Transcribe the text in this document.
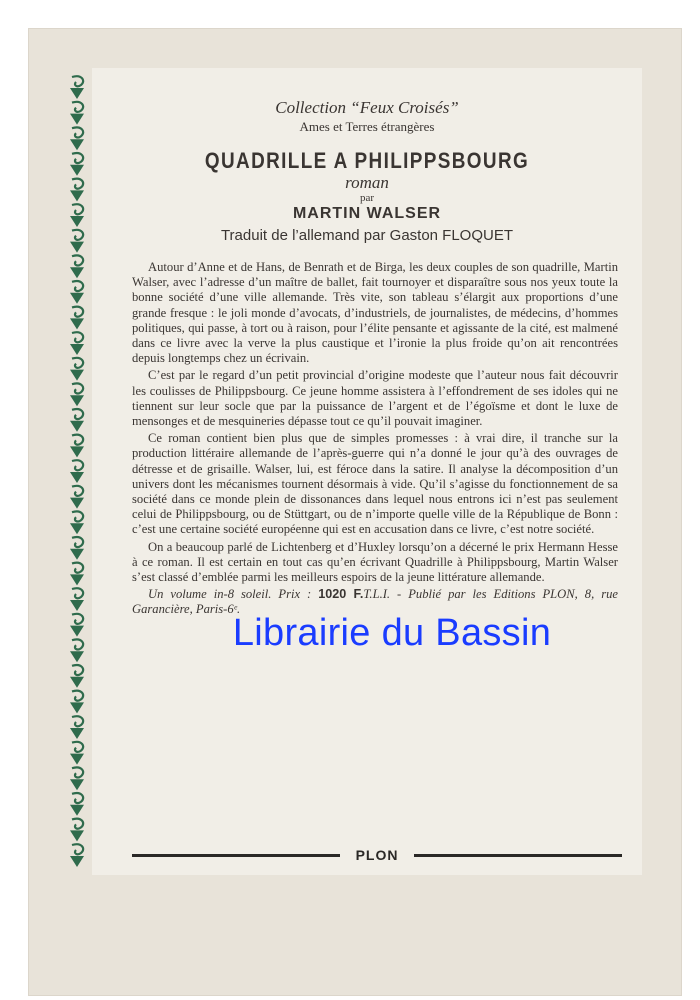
Collection “Feux Croisés”
Ames et Terres étrangères
QUADRILLE A PHILIPPSBOURG
roman
par
MARTIN WALSER
Traduit de l’allemand par Gaston FLOQUET

Autour d’Anne et de Hans, de Benrath et de Birga, les deux couples de son quadrille, Martin Walser, avec l’adresse d’un maître de ballet, fait tournoyer et disparaître sous nos yeux toute la bonne société d’une ville allemande. Très vite, son tableau s’élargit aux proportions d’une grande fresque : le joli monde d’avocats, d’industriels, de journalistes, de médecins, d’hommes politiques, qui passe, à tort ou à raison, pour l’élite pensante et agissante de la cité, est malmené dans ce livre avec la verve la plus caustique et l’ironie la plus froide qu’on ait rencontrées depuis longtemps chez un écrivain.

C’est par le regard d’un petit provincial d’origine modeste que l’auteur nous fait découvrir les coulisses de Philippsbourg. Ce jeune homme assistera à l’effondrement de ses idoles qui ne tiennent sur leur socle que par la puissance de l’argent et de l’égoïsme et dont le luxe de mensonges et de mesquineries dépasse tout ce qu’il pouvait imaginer.

Ce roman contient bien plus que de simples promesses : à vrai dire, il tranche sur la production littéraire allemande de l’après-guerre qui n’a donné le jour qu’à des ouvrages de détresse et de grisaille. Walser, lui, est féroce dans la satire. Il analyse la décomposition d’un univers dont les mécanismes tournent désormais à vide. Qu’il s’agisse du fonctionnement de sa société dans ce monde plein de dissonances dans lequel nous entrons ici n’est pas seulement celui de Philippsbourg, ou de Stüttgart, ou de n’importe quelle ville de la République de Bonn : c’est une certaine société européenne qui est en accusation dans ce livre, c’est notre société.

On a beaucoup parlé de Lichtenberg et d’Huxley lorsqu’on a décerné le prix Hermann Hesse à ce roman. Il est certain en tout cas qu’en écrivant Quadrille à Philippsbourg, Martin Walser s’est classé d’emblée parmi les meilleurs espoirs de la jeune littérature allemande.

Un volume in-8 soleil. Prix : 1020 F.T.L.I. - Publié par les Editions PLON, 8, rue Garancière, Paris-6ᵉ.

PLON
Librairie du Bassin
